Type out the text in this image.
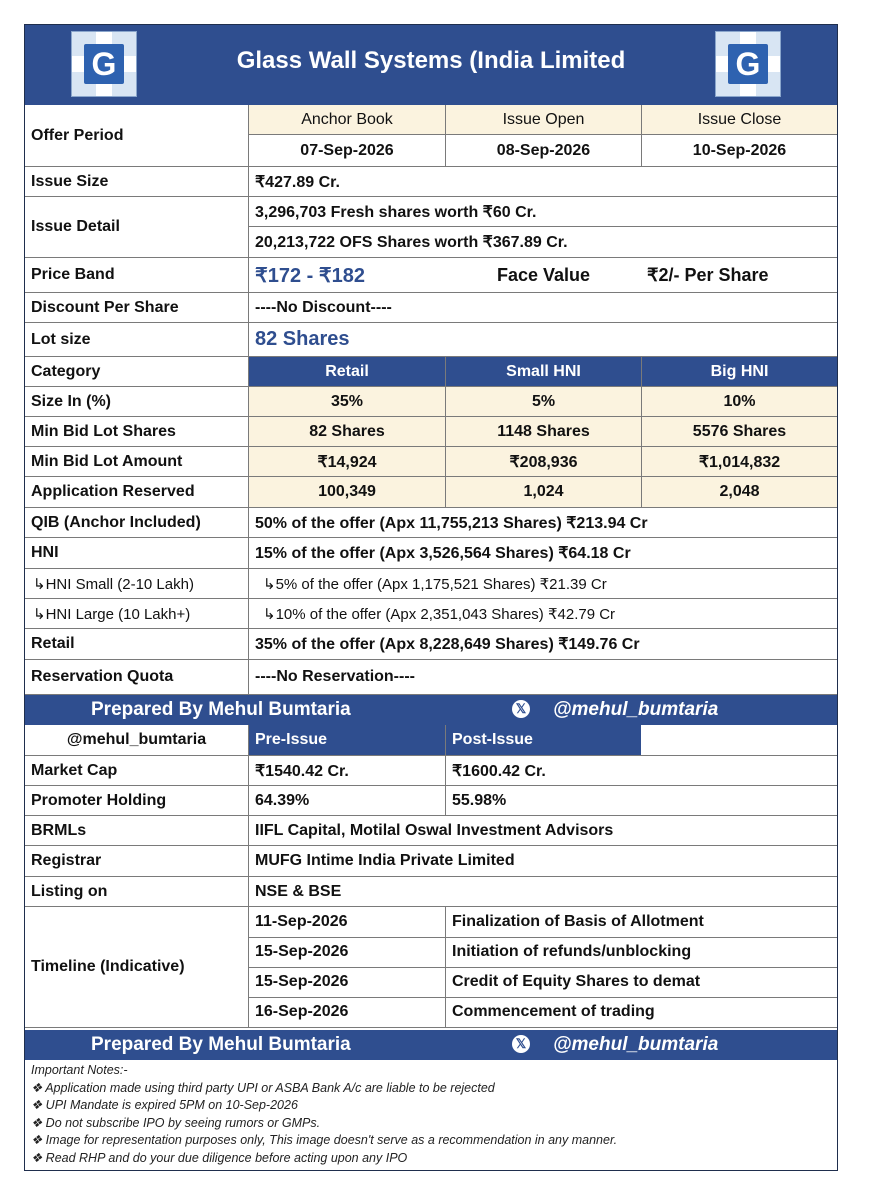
G	Glass Wall Systems (India Limited	G
Offer Period
Anchor Book	Issue Open	Issue Close
07-Sep-2026	08-Sep-2026	10-Sep-2026
Issue Size	₹427.89 Cr.
Issue Detail
3,296,703 Fresh shares worth ₹60 Cr.
20,213,722 OFS Shares worth ₹367.89 Cr.
Price Band	₹172 - ₹182	Face Value	₹2/- Per Share
Discount Per Share	----No Discount----
Lot size	82 Shares
Category	Retail	Small HNI	Big HNI
Size In (%)	35%	5%	10%
Min Bid Lot Shares	82 Shares	1148 Shares	5576 Shares
Min Bid Lot Amount	₹14,924	₹208,936	₹1,014,832
Application Reserved	100,349	1,024	2,048
QIB (Anchor Included)	50% of the offer (Apx 11,755,213 Shares) ₹213.94 Cr
HNI	15% of the offer (Apx 3,526,564 Shares) ₹64.18 Cr
↳HNI Small (2-10 Lakh)	↳5% of the offer (Apx 1,175,521 Shares) ₹21.39 Cr
↳HNI Large (10 Lakh+)	↳10% of the offer (Apx 2,351,043 Shares) ₹42.79 Cr
Retail	35% of the offer (Apx 8,228,649 Shares) ₹149.76 Cr
Reservation Quota	----No Reservation----
Prepared By Mehul Bumtaria	𝕏 @mehul_bumtaria
@mehul_bumtaria	Pre-Issue	Post-Issue
Market Cap	₹1540.42 Cr.	₹1600.42 Cr.
Promoter Holding	64.39%	55.98%
BRMLs	IIFL Capital, Motilal Oswal Investment Advisors
Registrar	MUFG Intime India Private Limited
Listing on	NSE & BSE
Timeline (Indicative)
11-Sep-2026	Finalization of Basis of Allotment
15-Sep-2026	Initiation of refunds/unblocking
15-Sep-2026	Credit of Equity Shares to demat
16-Sep-2026	Commencement of trading
Prepared By Mehul Bumtaria	𝕏 @mehul_bumtaria
Important Notes:-
❖ Application made using third party UPI or ASBA Bank A/c are liable to be rejected
❖ UPI Mandate is expired 5PM on 10-Sep-2026
❖ Do not subscribe IPO by seeing rumors or GMPs.
❖ Image for representation purposes only, This image doesn't serve as a recommendation in any manner.
❖ Read RHP and do your due diligence before acting upon any IPO
